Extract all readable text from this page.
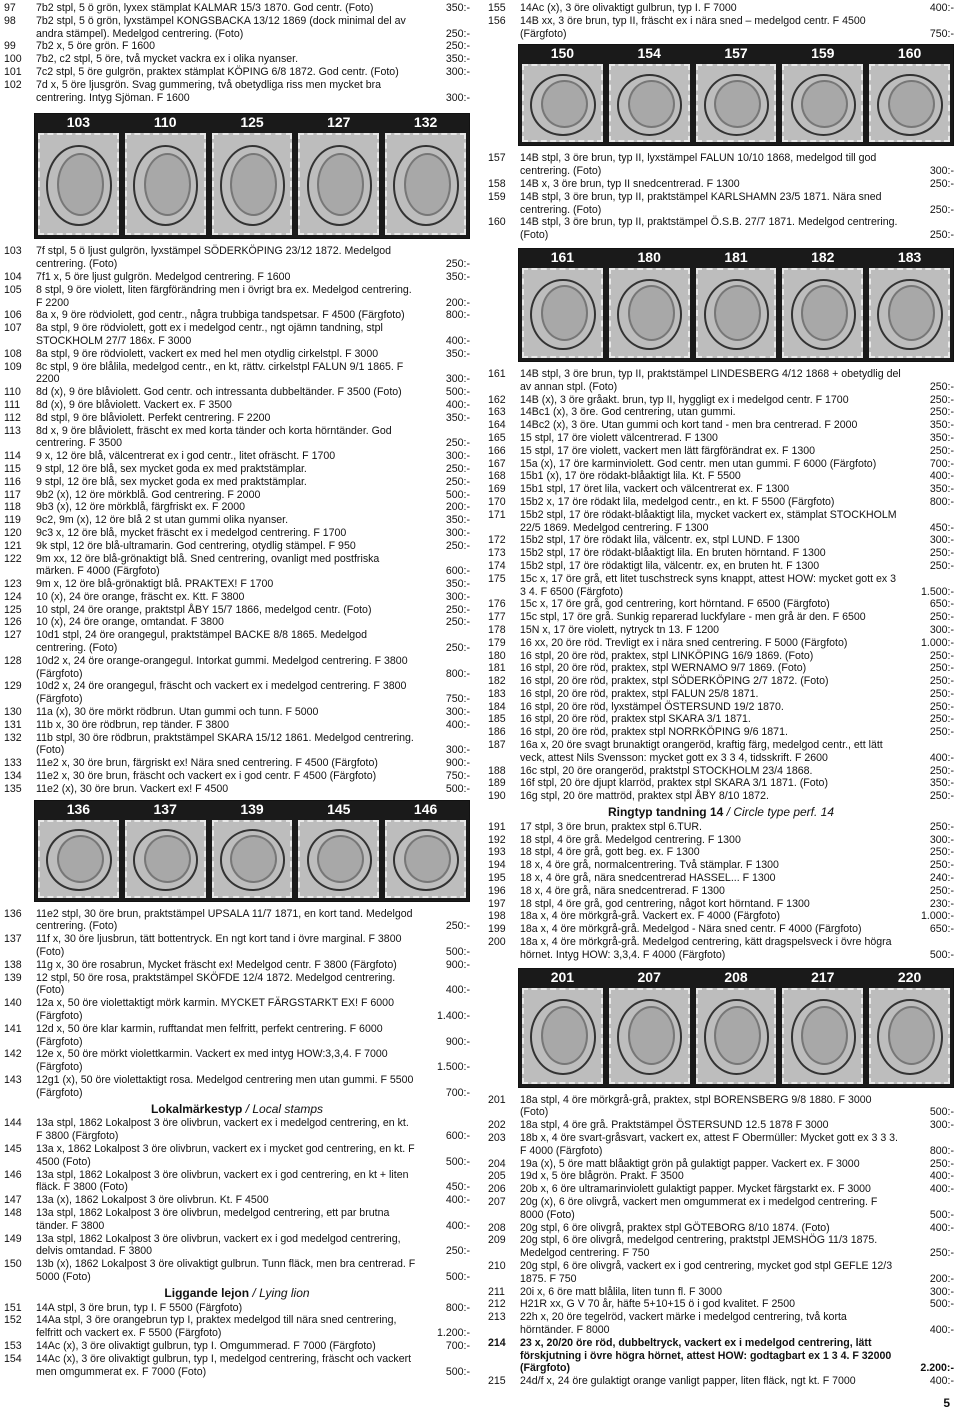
97	7b2 stpl, 5 ö grön, lyxex stämplat KALMAR 15/3 1870. God centr. (Foto)	350:-
98	7b2 stpl, 5 ö grön, lyxstämpel KONGSBACKA 13/12 1869 (dock minimal del av andra stämpel). Medelgod centrering. (Foto)	250:-
99	7b2 x, 5 öre grön. F 1600	250:-
100	7b2, c2 stpl, 5 öre, två mycket vackra ex i olika nyanser.	350:-
101	7c2 stpl, 5 öre gulgrön, praktex stämplat KÖPING 6/8 1872. God centr. (Foto)	300:-
102	7d x, 5 öre ljusgrön. Svag gummering, två obetydliga riss men mycket bra centrering. Intyg Sjöman. F 1600	300:-
103	110	125	127	132
103	7f stpl, 5 ö ljust gulgrön, lyxstämpel SÖDERKÖPING 23/12 1872. Medelgod centrering. (Foto)	250:-
104	7f1 x, 5 öre ljust gulgrön. Medelgod centrering. F 1600	350:-
105	8 stpl, 9 öre violett, liten färgförändring men i övrigt bra ex. Medelgod centrering. F 2200	200:-
106	8a x, 9 öre rödviolett, god centr., några trubbiga tandspetsar. F 4500 (Färgfoto)	800:-
107	8a stpl, 9 öre rödviolett, gott ex i medelgod centr., ngt ojämn tandning, stpl STOCKHOLM 27/7 186x. F 3000	400:-
108	8a stpl, 9 öre rödviolett, vackert ex med hel men otydlig cirkelstpl. F 3000	350:-
109	8c stpl, 9 öre blålila, medelgod centr., en kt, rättv. cirkelstpl FALUN 9/1 1865. F 2200	300:-
110	8d (x), 9 öre blåviolett. God centr. och intressanta dubbeltänder. F 3500 (Foto)	500:-
111	8d (x), 9 öre blåviolett. Vackert ex. F 3500	400:-
112	8d stpl, 9 öre blåviolett. Perfekt centrering. F 2200	350:-
113	8d x, 9 öre blåviolett, fräscht ex med korta tänder och korta hörntänder. God centrering. F 3500	250:-
114	9 x, 12 öre blå, välcentrerat ex i god centr., litet ofräscht. F 1700	300:-
115	9 stpl, 12 öre blå, sex mycket goda ex med praktstämplar.	250:-
116	9 stpl, 12 öre blå, sex mycket goda ex med praktstämplar.	250:-
117	9b2 (x), 12 öre mörkblå. God centrering. F 2000	500:-
118	9b3 (x), 12 öre mörkblå, färgfriskt ex. F 2000	200:-
119	9c2, 9m (x), 12 öre blå 2 st utan gummi olika nyanser.	350:-
120	9c3 x, 12 öre blå, mycket fräscht ex i medelgod centrering. F 1700	300:-
121	9k stpl, 12 öre blå-ultramarin. God centrering, otydlig stämpel. F 950	250:-
122	9m xx, 12 öre blå-grönaktigt blå. Sned centrering, ovanligt med postfriska märken. F 4000 (Färgfoto)	600:-
123	9m x, 12 öre blå-grönaktigt blå. PRAKTEX! F 1700	350:-
124	10 (x), 24 öre orange, fräscht ex. Ktt. F 3800	300:-
125	10 stpl, 24 öre orange, praktstpl ÅBY 15/7 1866, medelgod centr. (Foto)	250:-
126	10 (x), 24 öre orange, omtandat. F 3800	250:-
127	10d1 stpl, 24 öre orangegul, praktstämpel BACKE 8/8 1865. Medelgod centrering. (Foto)	250:-
128	10d2 x, 24 öre orange-orangegul. Intorkat gummi. Medelgod centrering. F 3800 (Färgfoto)	800:-
129	10d2 x, 24 öre orangegul, fräscht och vackert ex i medelgod centrering. F 3800 (Färgfoto)	750:-
130	11a (x), 30 öre mörkt rödbrun. Utan gummi och tunn. F 5000	300:-
131	11b x, 30 öre rödbrun, rep tänder. F 3800	400:-
132	11b stpl, 30 öre rödbrun, praktstämpel SKARA 15/12 1861. Medelgod centrering. (Foto)	300:-
133	11e2 x, 30 öre brun, färgriskt ex! Nära sned centrering. F 4500 (Färgfoto)	900:-
134	11e2 x, 30 öre brun, fräscht och vackert ex i god centr. F 4500 (Färgfoto)	750:-
135	11e2 (x), 30 öre brun. Vackert ex! F 4500	500:-
136	137	139	145	146
136	11e2 stpl, 30 öre brun, praktstämpel UPSALA 11/7 1871, en kort tand. Medelgod centrering. (Foto)	250:-
137	11f x, 30 öre ljusbrun, tätt bottentryck. En ngt kort tand i övre marginal. F 3800 (Foto)	500:-
138	11g x, 30 öre rosabrun, Mycket fräscht ex! Medelgod centr. F 3800 (Färgfoto)	900:-
139	12 stpl, 50 öre rosa, praktstämpel SKÖFDE 12/4 1872. Medelgod centrering. (Foto)	400:-
140	12a x, 50 öre violettaktigt mörk karmin. MYCKET FÄRGSTARKT EX! F 6000 (Färgfoto)	1.400:-
141	12d x, 50 öre klar karmin, rufftandat men felfritt, perfekt centrering. F 6000 (Färgfoto)	900:-
142	12e x, 50 öre mörkt violettkarmin. Vackert ex med intyg HOW:3,3,4. F 7000 (Färgfoto)	1.500:-
143	12g1 (x), 50 öre violettaktigt rosa. Medelgod centrering men utan gummi. F 5500 (Färgfoto)	700:-
Lokalmärkestyp / Local stamps
144	13a stpl, 1862 Lokalpost 3 öre olivbrun, vackert ex i medelgod centrering, en kt. F 3800 (Färgfoto)	600:-
145	13a x, 1862 Lokalpost 3 öre olivbrun, vackert ex i mycket god centrering, en kt. F 4500 (Foto)	500:-
146	13a stpl, 1862 Lokalpost 3 öre olivbrun, vackert ex i god centrering, en kt + liten fläck. F 3800 (Foto)	450:-
147	13a (x), 1862 Lokalpost 3 öre olivbrun. Kt. F 4500	400:-
148	13a stpl, 1862 Lokalpost 3 öre olivbrun, medelgod centrering, ett par brutna tänder. F 3800	400:-
149	13a stpl, 1862 Lokalpost 3 öre olivbrun, vackert ex i god medelgod centrering, delvis omtandad. F 3800	250:-
150	13b (x), 1862 Lokalpost 3 öre olivaktigt gulbrun. Tunn fläck, men bra centrerad. F 5000 (Foto)	500:-
Liggande lejon / Lying lion
151	14A stpl, 3 öre brun, typ I. F 5500 (Färgfoto)	800:-
152	14Aa stpl, 3 öre orangebrun typ I, praktex medelgod till nära sned centrering, felfritt och vackert ex. F 5500 (Färgfoto)	1.200:-
153	14Ac (x), 3 öre olivaktigt gulbrun, typ I. Omgummerad. F 7000 (Färgfoto)	700:-
154	14Ac (x), 3 öre olivaktigt gulbrun, typ I, medelgod centrering, fräscht och vackert men omgummerat ex. F 7000 (Foto)	500:-
155	14Ac (x), 3 öre olivaktigt gulbrun, typ I. F 7000	400:-
156	14B xx, 3 öre brun, typ II, fräscht ex i nära sned – medelgod centr. F 4500 (Färgfoto)	750:-
150	154	157	159	160
157	14B stpl, 3 öre brun, typ II, lyxstämpel FALUN 10/10 1868, medelgod till god centrering. (Foto)	300:-
158	14B x, 3 öre brun, typ II snedcentrerad. F 1300	250:-
159	14B stpl, 3 öre brun, typ II, praktstämpel KARLSHAMN 23/5 1871. Nära sned centrering. (Foto)	250:-
160	14B stpl, 3 öre brun, typ II, praktstämpel Ö.S.B. 27/7 1871. Medelgod centrering. (Foto)	250:-
161	180	181	182	183
161	14B stpl, 3 öre brun, typ II, praktstämpel LINDESBERG 4/12 1868 + obetydlig del av annan stpl. (Foto)	250:-
162	14B (x), 3 öre gråakt. brun, typ II, hyggligt ex i medelgod centr. F 1700	250:-
163	14Bc1 (x), 3 öre. God centrering, utan gummi.	250:-
164	14Bc2 (x), 3 öre. Utan gummi och kort tand - men bra centrerad. F 2000	350:-
165	15 stpl, 17 öre violett välcentrerad. F 1300	350:-
166	15 stpl, 17 öre violett, vackert men lätt färgförändrat ex. F 1300	250:-
167	15a (x), 17 öre karminviolett. God centr. men utan gummi. F 6000 (Färgfoto)	700:-
168	15b1 (x), 17 öre rödakt-blåaktigt lila. Kt. F 5500	400:-
169	15b1 stpl, 17 öret lila, vackert och välcentrerat ex. F 1300	350:-
170	15b2 x, 17 öre rödakt lila, medelgod centr., en kt. F 5500 (Färgfoto)	800:-
171	15b2 stpl, 17 öre rödakt-blåaktigt lila, mycket vackert ex, stämplat STOCKHOLM 22/5 1869. Medelgod centrering. F 1300	450:-
172	15b2 stpl, 17 öre rödakt lila, välcentr. ex, stpl LUND. F 1300	300:-
173	15b2 stpl, 17 öre rödakt-blåaktigt lila. En bruten hörntand. F 1300	250:-
174	15b2 stpl, 17 öre rödaktigt lila, välcentr. ex, en bruten ht. F 1300	250:-
175	15c x, 17 öre grå, ett litet tuschstreck syns knappt, attest HOW: mycket gott ex 3 3 4. F 6500 (Färgfoto)	1.500:-
176	15c x, 17 öre grå, god centrering, kort hörntand. F 6500 (Färgfoto)	650:-
177	15c stpl, 17 öre grå. Sunkig reparerad luckfylare - men grå är den. F 6500	250:-
178	15N x, 17 öre violett, nytryck tn 13. F 1200	300:-
179	16 xx, 20 öre röd. Trevligt ex i nära sned centrering. F 5000 (Färgfoto)	1.000:-
180	16 stpl, 20 öre röd, praktex, stpl LINKÖPING 16/9 1869. (Foto)	250:-
181	16 stpl, 20 öre röd, praktex, stpl WERNAMO 9/7 1869. (Foto)	250:-
182	16 stpl, 20 öre röd, praktex, stpl SÖDERKÖPING 2/7 1872. (Foto)	250:-
183	16 stpl, 20 öre röd, praktex, stpl FALUN 25/8 1871.	250:-
184	16 stpl, 20 öre röd, lyxstämpel ÖSTERSUND 19/2 1870.	250:-
185	16 stpl, 20 öre röd, praktex stpl SKARA 3/1 1871.	250:-
186	16 stpl, 20 öre röd, praktex stpl NORRKÖPING 9/6 1871.	250:-
187	16a x, 20 öre svagt brunaktigt orangeröd, kraftig färg, medelgod centr., ett lätt veck, attest Nils Svensson: mycket gott ex 3 3 4, tidsskrift. F 2600	400:-
188	16c stpl, 20 öre orangeröd, praktstpl STOCKHOLM 23/4 1868.	250:-
189	16f stpl, 20 öre djupt klarröd, praktex stpl SKARA 3/1 1871. (Foto)	350:-
190	16g stpl, 20 öre mattröd, praktex stpl ÅBY 8/10 1872.	250:-
Ringtyp tandning 14 / Circle type perf. 14
191	17 stpl, 3 öre brun, praktex stpl 6.TUR.	250:-
192	18 stpl, 4 öre grå. Medelgod centrering. F 1300	300:-
193	18 stpl, 4 öre grå, gott beg. ex. F 1300	250:-
194	18 x, 4 öre grå, normalcentrering. Två stämplar. F 1300	250:-
195	18 x, 4 öre grå, nära snedcentrerad HASSEL... F 1300	240:-
196	18 x, 4 öre grå, nära snedcentrerad. F 1300	250:-
197	18 stpl, 4 öre grå, god centrering, något kort hörntand. F 1300	230:-
198	18a x, 4 öre mörkgrå-grå. Vackert ex. F 4000 (Färgfoto)	1.000:-
199	18a x, 4 öre mörkgrå-grå. Medelgod - Nära sned centr. F 4000 (Färgfoto)	650:-
200	18a x, 4 öre mörkgrå-grå. Medelgod centrering, kätt dragspelsveck i övre högra hörnet. Intyg HOW: 3,3,4. F 4000 (Färgfoto)	500:-
201	207	208	217	220
201	18a stpl, 4 öre mörkgrå-grå, praktex, stpl BORENSBERG 9/8 1880. F 3000 (Foto)	500:-
202	18a stpl, 4 öre grå. Praktstämpel ÖSTERSUND 12.5 1878 F 3000	300:-
203	18b x, 4 öre svart-gråsvart, vackert ex, attest F Obermüller: Mycket gott ex 3 3 3. F 4000 (Färgfoto)	800:-
204	19a (x), 5 öre matt blåaktigt grön på gulaktigt papper. Vackert ex. F 3000	250:-
205	19d x, 5 öre blågrön. Prakt. F 3500	400:-
206	20b x, 6 öre ultramarinviolett gulaktigt papper. Mycket färgstarkt ex. F 3000	400:-
207	20g (x), 6 öre olivgrå, vackert men omgummerat ex i medelgod centrering. F 8000 (Foto)	500:-
208	20g stpl, 6 öre olivgrå, praktex stpl GÖTEBORG 8/10 1874. (Foto)	400:-
209	20g stpl, 6 öre olivgrå, medelgod centrering, praktstpl JEMSHÖG 11/3 1875. Medelgod centrering. F 750	250:-
210	20g stpl, 6 öre olivgrå, vackert ex i god centrering, mycket god stpl GEFLE 12/3 1875. F 750	200:-
211	20i x, 6 öre matt blålila, liten tunn fl. F 3000	300:-
212	H21R xx, G V 70 år, häfte 5+10+15 ö i god kvalitet. F 2500	500:-
213	22h x, 20 öre tegelröd, vackert märke i medelgod centrering, två korta hörntänder. F 8000	400:-
214	23 x, 20/20 öre röd, dubbeltryck, vackert ex i medelgod centrering, lätt förskjutning i övre högra hörnet, attest HOW: godtagbart ex 1 3 4. F 32000 (Färgfoto)	2.200:-
215	24d/f x, 24 öre gulaktigt orange vanligt papper, liten fläck, ngt kt. F 7000	400:-
5
